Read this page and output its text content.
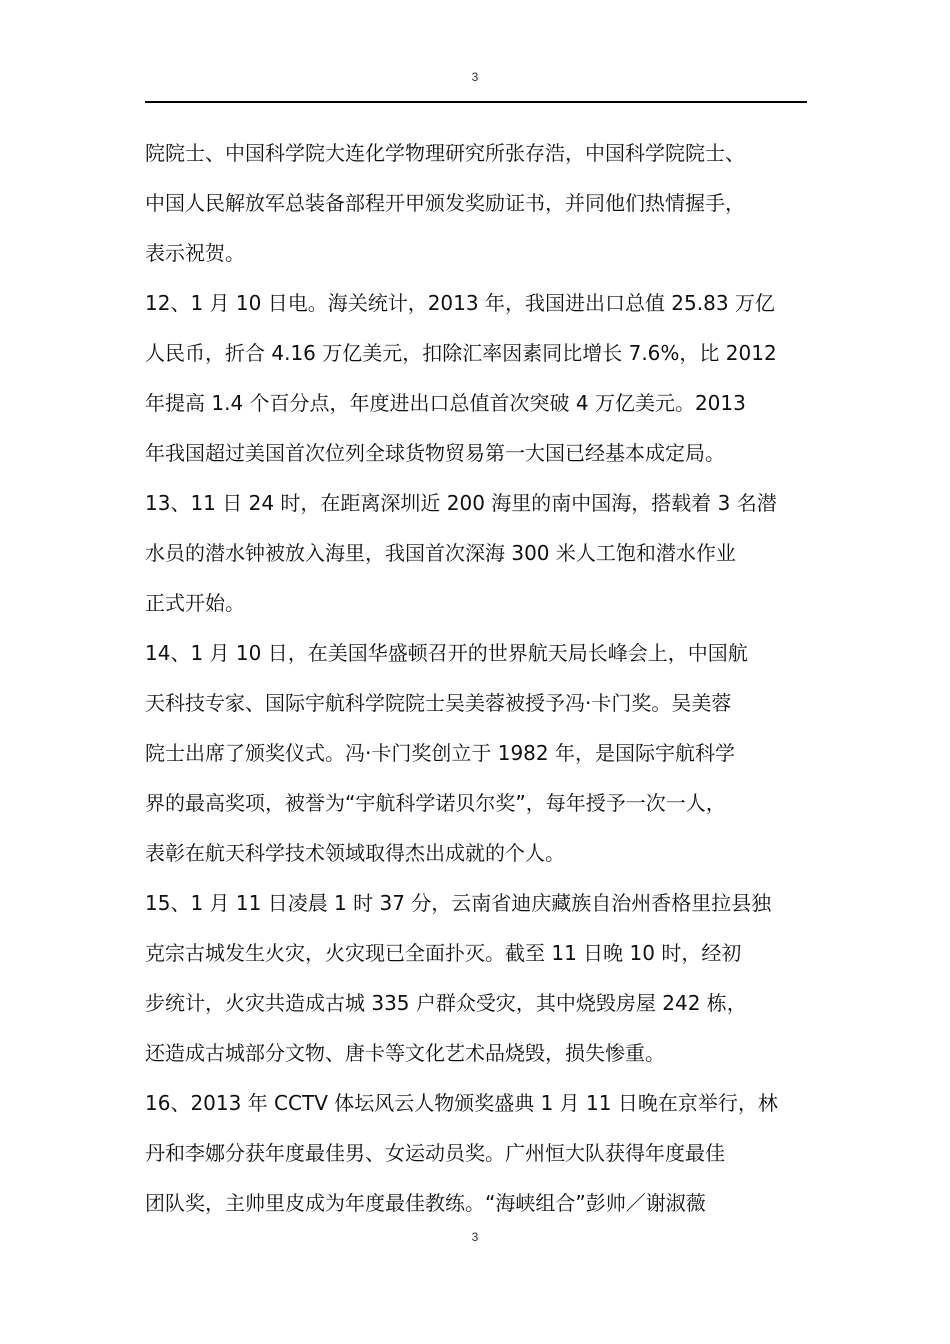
3
院院士、中国科学院大连化学物理研究所张存浩，中国科学院院士、
中国人民解放军总装备部程开甲颁发奖励证书，并同他们热情握手，
表示祝贺。
12、1 月 10 日电。海关统计，2013 年，我国进出口总值 25.83 万亿
人民币，折合 4.16 万亿美元，扣除汇率因素同比增长 7.6%，比 2012
年提高 1.4 个百分点，年度进出口总值首次突破 4 万亿美元。2013
年我国超过美国首次位列全球货物贸易第一大国已经基本成定局。
13、11 日 24 时，在距离深圳近 200 海里的南中国海，搭载着 3 名潜
水员的潜水钟被放入海里，我国首次深海 300 米人工饱和潜水作业
正式开始。
14、1 月 10 日，在美国华盛顿召开的世界航天局长峰会上，中国航
天科技专家、国际宇航科学院院士吴美蓉被授予冯·卡门奖。吴美蓉
院士出席了颁奖仪式。冯·卡门奖创立于 1982 年，是国际宇航科学
界的最高奖项，被誉为“宇航科学诺贝尔奖”，每年授予一次一人，
表彰在航天科学技术领域取得杰出成就的个人。
15、1 月 11 日凌晨 1 时 37 分，云南省迪庆藏族自治州香格里拉县独
克宗古城发生火灾，火灾现已全面扑灭。截至 11 日晚 10 时，经初
步统计，火灾共造成古城 335 户群众受灾，其中烧毁房屋 242 栋，
还造成古城部分文物、唐卡等文化艺术品烧毁，损失惨重。
16、2013 年 CCTV 体坛风云人物颁奖盛典 1 月 11 日晚在京举行，林
丹和李娜分获年度最佳男、女运动员奖。广州恒大队获得年度最佳
团队奖，主帅里皮成为年度最佳教练。“海峡组合”彭帅／谢淑薇
3
